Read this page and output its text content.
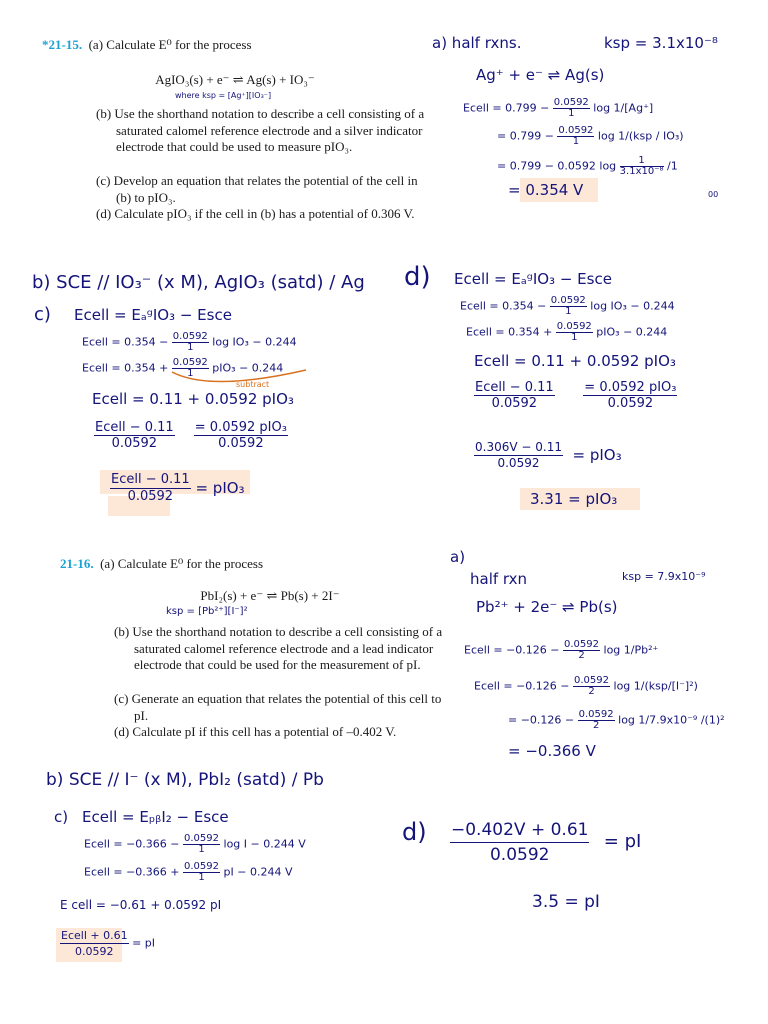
*21-15. (a) Calculate E⁰ for the process
AgIO₃(s) + e⁻ ⇌ Ag(s) + IO₃⁻
where ksp = [Ag⁺][IO₃⁻]
(b) Use the shorthand notation to describe a cell consisting of a saturated calomel reference electrode and a silver indicator electrode that could be used to measure pIO₃.
(c) Develop an equation that relates the potential of the cell in (b) to pIO₃.
(d) Calculate pIO₃ if the cell in (b) has a potential of 0.306 V.
a) half rxns.	ksp = 3.1x10⁻⁸
Ag⁺ + e⁻ ⇌ Ag(s)
Ecell = $0.799 - \frac{0.0592}{1}$ log 1/[Ag⁺]
= $0.799 - \frac{0.0592}{1}$ log 1/(ksp / IO₃)
= 0.799 − 0.0592 $\log \frac{1}{\text{3.1x10⁻⁸}} /1$
= 0.354 V	00
b) SCE // IO₃⁻ (x M), AgIO₃ (satd) / Ag
c) Ecell = EₐᵍIO₃ − Esce
Ecell = $0.354 - \frac{0.0592}{1}$ log IO₃ − 0.244
Ecell = $0.354 + \frac{0.0592}{1} pIO_3 - 0.244$
subtract
Ecell = 0.11 + 0.0592 pIO₃
$\frac{\text{Ecell − 0.11}}{0.0592}$
$\frac{\text{= 0.0592 pIO₃}}{0.0592}$
$\frac{\text{Ecell − 0.11}}{0.0592} = pIO_3$
d) Ecell = EₐᵍIO₃ − Esce
Ecell = $0.354 - \frac{0.0592}{1}$ log IO₃ − 0.244
Ecell = $0.354 + \frac{0.0592}{1} pIO_3 - 0.244$
Ecell = 0.11 + 0.0592 pIO₃
$\frac{\text{Ecell − 0.11}}{0.0592}$
$\frac{\text{= 0.0592 pIO₃}}{0.0592}$
$\frac{0.306V - 0.11}{0.0592} = pIO_3$
3.31 = pIO₃
21-16. (a) Calculate E⁰ for the process
PbI₂(s) + e⁻ ⇌ Pb(s) + 2I⁻
ksp = [Pb²⁺][I⁻]²
(b) Use the shorthand notation to describe a cell consisting of a saturated calomel reference electrode and a lead indicator electrode that could be used for the measurement of pI.
(c) Generate an equation that relates the potential of this cell to pI.
(d) Calculate pI if this cell has a potential of –0.402 V.
a)
half rxn	ksp = 7.9x10⁻⁹
Pb²⁺ + 2e⁻ ⇌ Pb(s)
Ecell = $-0.126 - \frac{0.0592}{2}$ log 1/Pb²⁺
Ecell = $-0.126 - \frac{0.0592}{2}$ log 1/(ksp/[I⁻]²)
= $-0.126 - \frac{0.0592}{2}$ log 1/7.9x10⁻⁹ /(1)²
= −0.366 V
b) SCE // I⁻ (x M), PbI₂ (satd) / Pb
c) Ecell = EₚᵦI₂ − Esce
Ecell = $-0.366 - \frac{0.0592}{1}$ log I − 0.244 V
Ecell = $-0.366 + \frac{0.0592}{1}$ pI − 0.244 V
E cell = −0.61 + 0.0592 pI
$\frac{\text{Ecell + 0.61}}{0.0592}$ = pI
$d) \frac{-0.402V + 0.61}{0.0592}$ = pI
3.5 = pI
